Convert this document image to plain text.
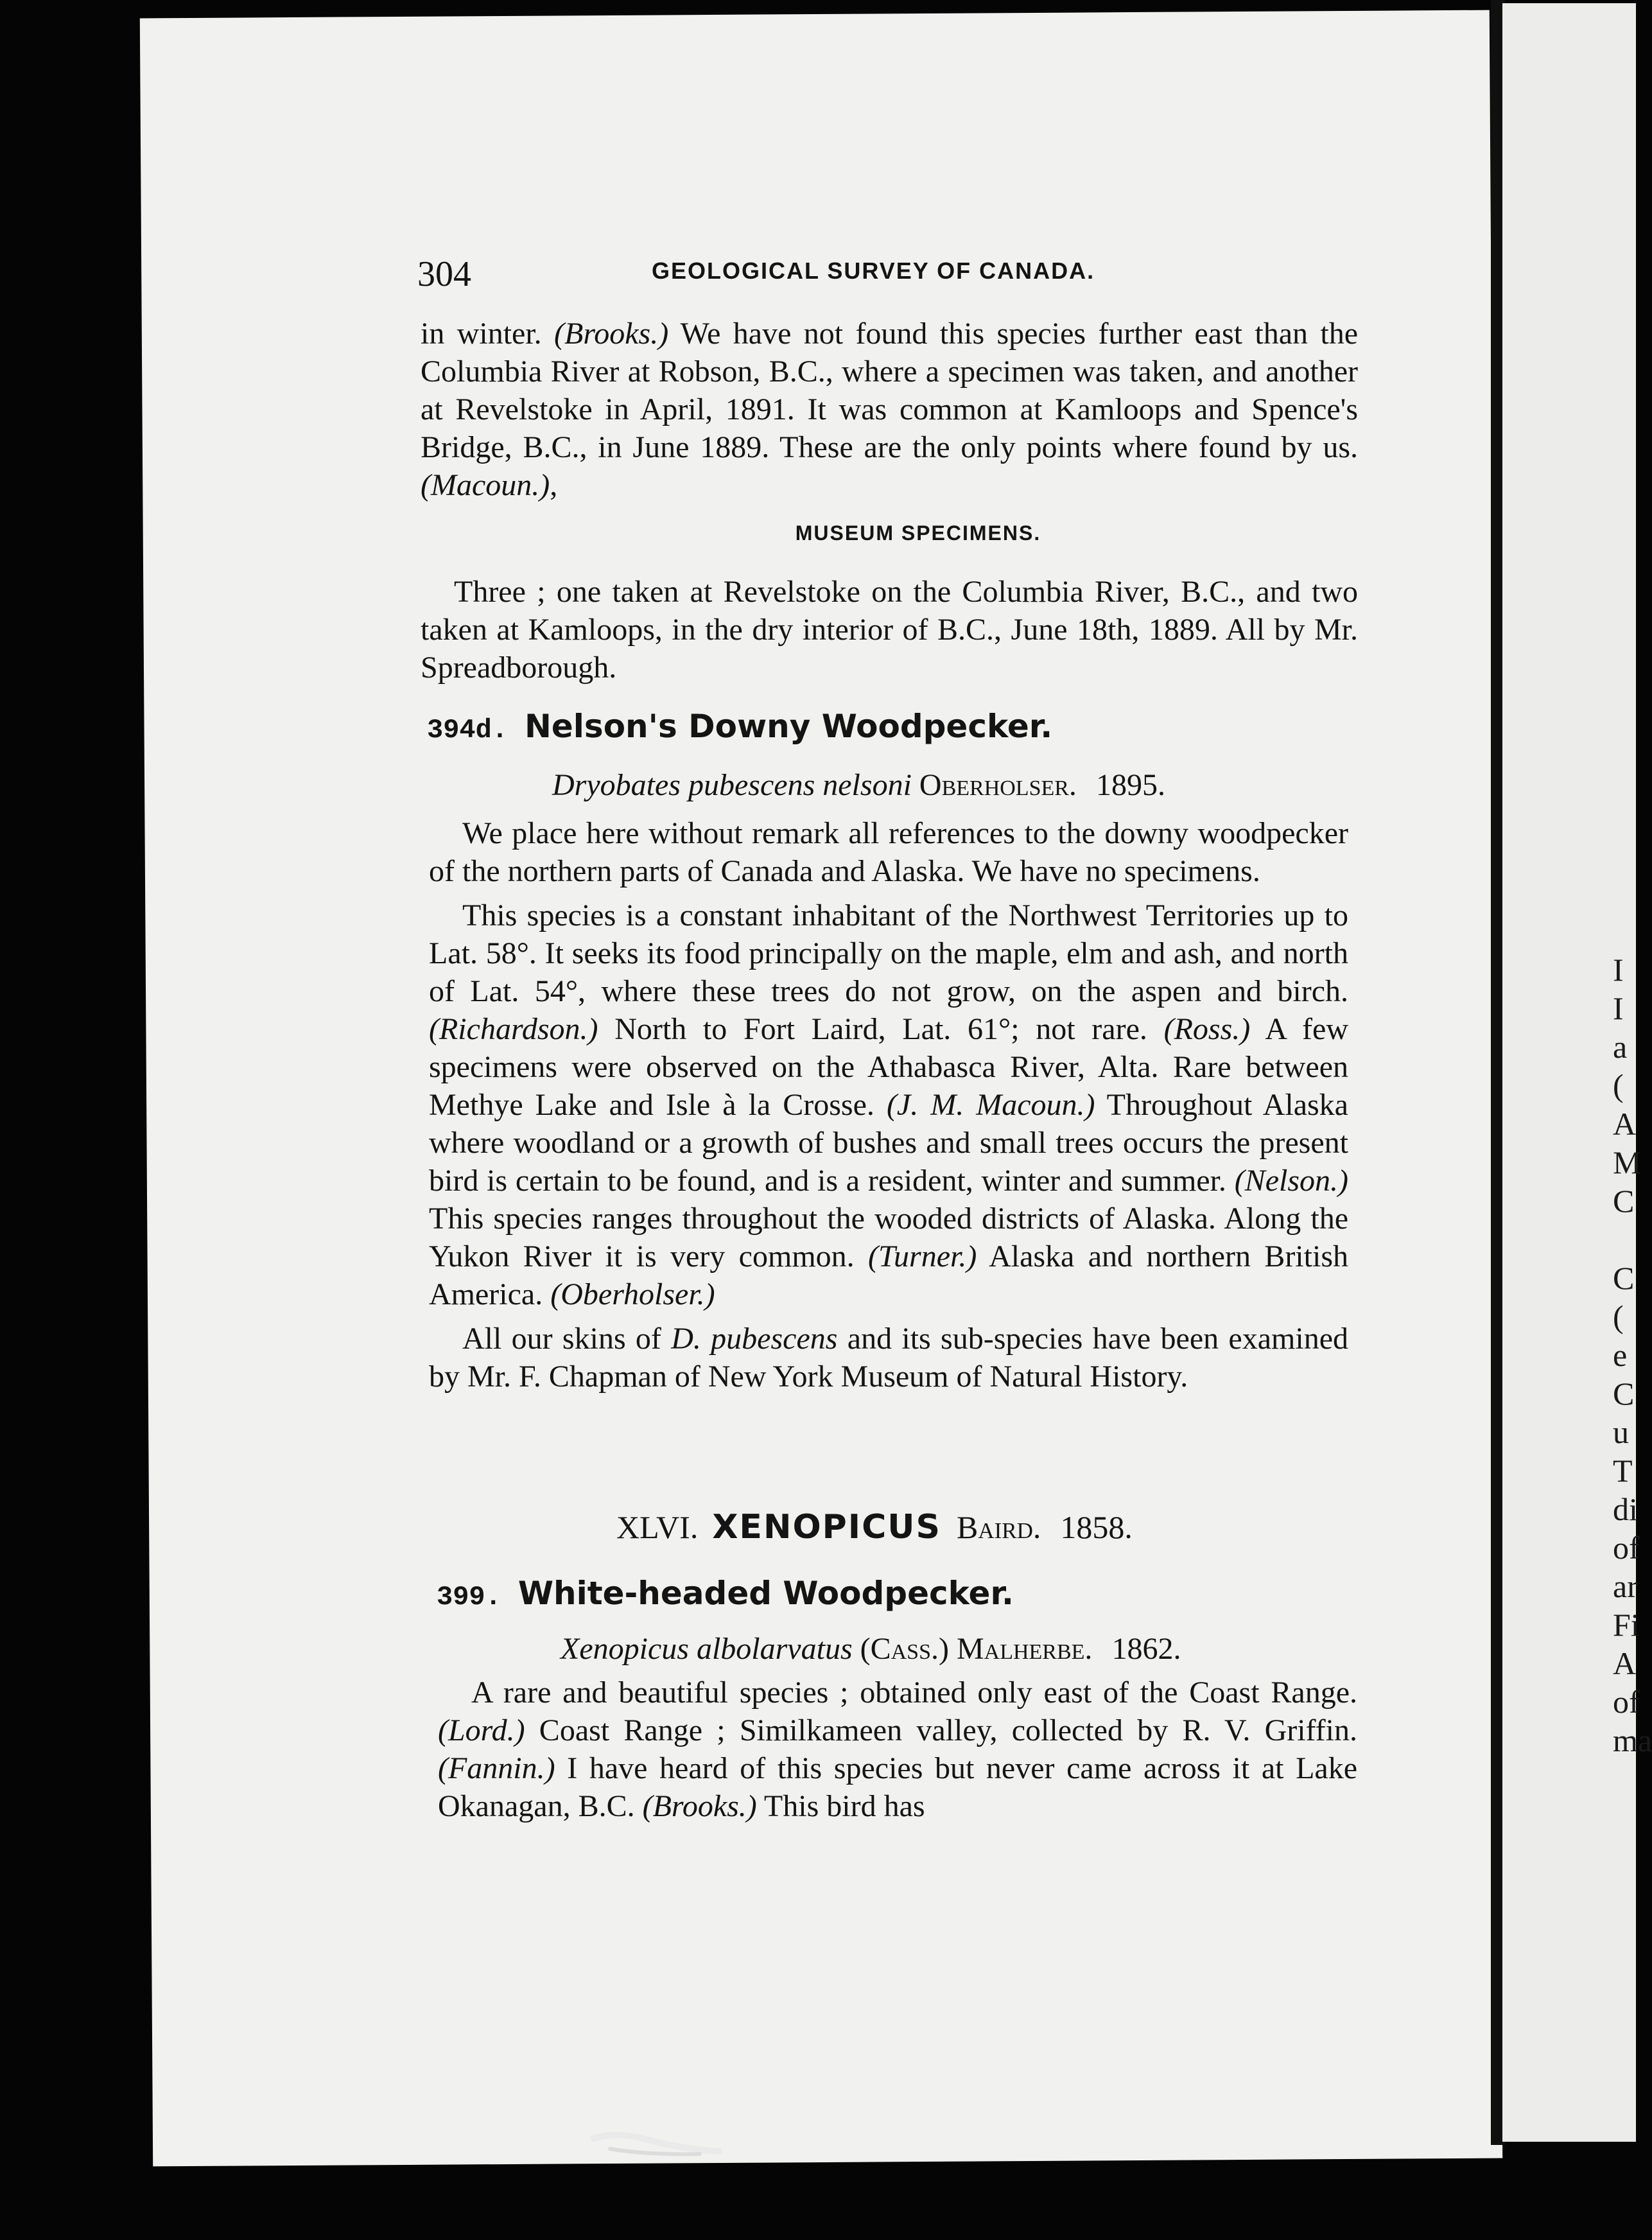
I
I
a
(
A
M
C

C
(
e
C
u
T
di
of
ar
Fi
A
of
ma
304	GEOLOGICAL SURVEY OF CANADA.

in winter. (Brooks.) We have not found this species further east than the Columbia River at Robson, B.C., where a specimen was taken, and another at Revelstoke in April, 1891. It was common at Kamloops and Spence's Bridge, B.C., in June 1889. These are the only points where found by us. (Macoun.),

MUSEUM SPECIMENS.

Three ; one taken at Revelstoke on the Columbia River, B.C., and two taken at Kamloops, in the dry interior of B.C., June 18th, 1889. All by Mr. Spreadborough.

394d. Nelson's Downy Woodpecker.
Dryobates pubescens nelsoni Oberholser. 1895.

We place here without remark all references to the downy woodpecker of the northern parts of Canada and Alaska. We have no specimens.

This species is a constant inhabitant of the Northwest Territories up to Lat. 58°. It seeks its food principally on the maple, elm and ash, and north of Lat. 54°, where these trees do not grow, on the aspen and birch. (Richardson.) North to Fort Laird, Lat. 61°; not rare. (Ross.) A few specimens were observed on the Athabasca River, Alta. Rare between Methye Lake and Isle à la Crosse. (J. M. Macoun.) Throughout Alaska where woodland or a growth of bushes and small trees occurs the present bird is certain to be found, and is a resident, winter and summer. (Nelson.) This species ranges throughout the wooded districts of Alaska. Along the Yukon River it is very common. (Turner.) Alaska and northern British America. (Oberholser.)

All our skins of D. pubescens and its sub-species have been examined by Mr. F. Chapman of New York Museum of Natural History.

XLVI. XENOPICUS Baird. 1858.
399. White-headed Woodpecker.
Xenopicus albolarvatus (Cass.) Malherbe. 1862.

A rare and beautiful species ; obtained only east of the Coast Range. (Lord.) Coast Range ; Similkameen valley, collected by R. V. Griffin. (Fannin.) I have heard of this species but never came across it at Lake Okanagan, B.C. (Brooks.) This bird has
